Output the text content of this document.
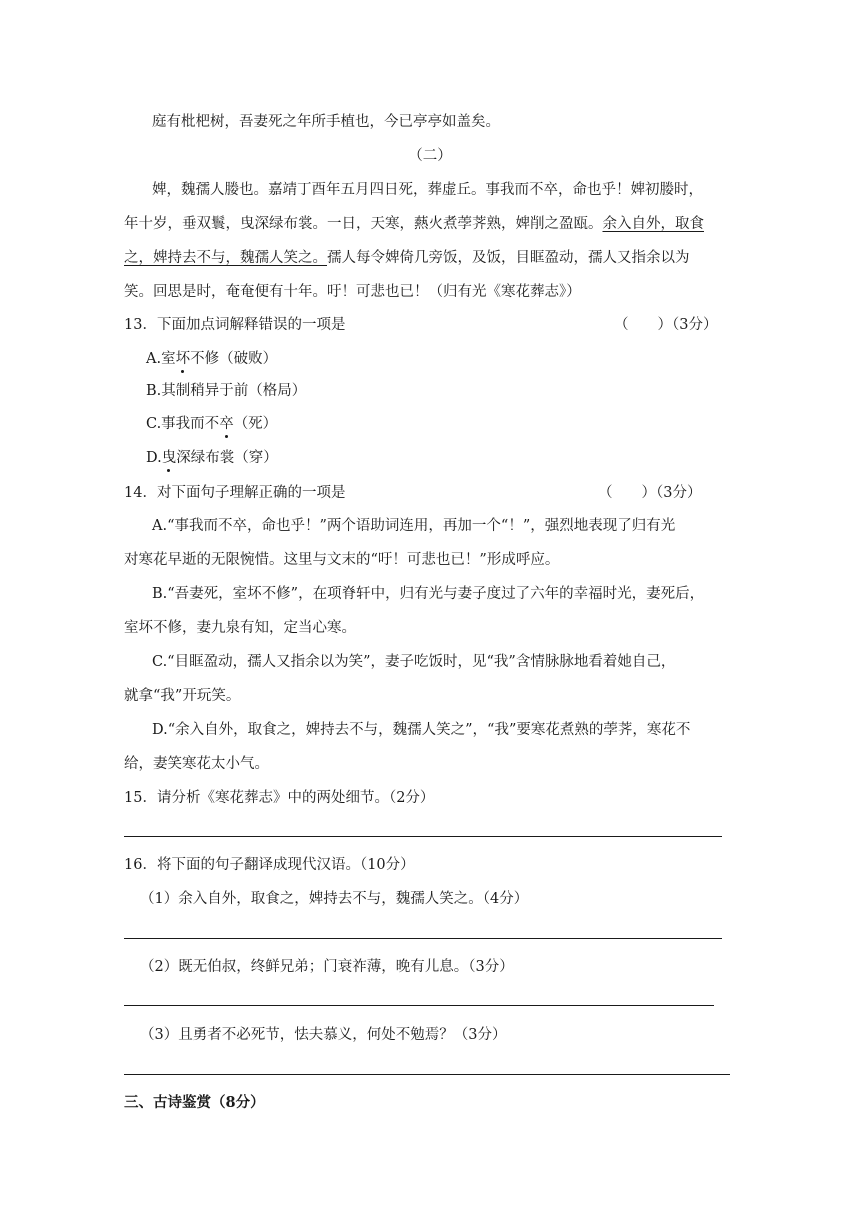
庭有枇杷树，吾妻死之年所手植也，今已亭亭如盖矣。
（二）
婢，魏孺人媵也。嘉靖丁酉年五月四日死，葬虚丘。事我而不卒，命也乎！婢初媵时，
年十岁，垂双鬟，曳深绿布裳。一日，天寒，爇火煮荸荠熟，婢削之盈瓯。余入自外，取食
之，婢持去不与，魏孺人笑之。孺人每令婢倚几旁饭，及饭，目眶盈动，孺人又指余以为
笑。回思是时，奄奄便有十年。吁！可悲也已！（归有光《寒花葬志》）
13．下面加点词解释错误的一项是	（　　）（3分）
A.室坏不修（破败）
B.其制稍异于前（格局）
C.事我而不卒（死）
D.曳深绿布裳（穿）
14．对下面句子理解正确的一项是	（　　）（3分）
A.“事我而不卒，命也乎！”两个语助词连用，再加一个“！”，强烈地表现了归有光
对寒花早逝的无限惋惜。这里与文末的“吁！可悲也已！”形成呼应。
B.“吾妻死，室坏不修”，在项脊轩中，归有光与妻子度过了六年的幸福时光，妻死后，
室坏不修，妻九泉有知，定当心寒。
C.“目眶盈动，孺人又指余以为笑”，妻子吃饭时，见“我”含情脉脉地看着她自己，
就拿“我”开玩笑。
D.“余入自外，取食之，婢持去不与，魏孺人笑之”，“我”要寒花煮熟的荸荠，寒花不
给，妻笑寒花太小气。
15．请分析《寒花葬志》中的两处细节。（2分）
16．将下面的句子翻译成现代汉语。（10分）
（1）余入自外，取食之，婢持去不与，魏孺人笑之。（4分）
（2）既无伯叔，终鲜兄弟；门衰祚薄，晚有儿息。（3分）
（3）且勇者不必死节，怯夫慕义，何处不勉焉？（3分）
三、古诗鉴赏（8分）
